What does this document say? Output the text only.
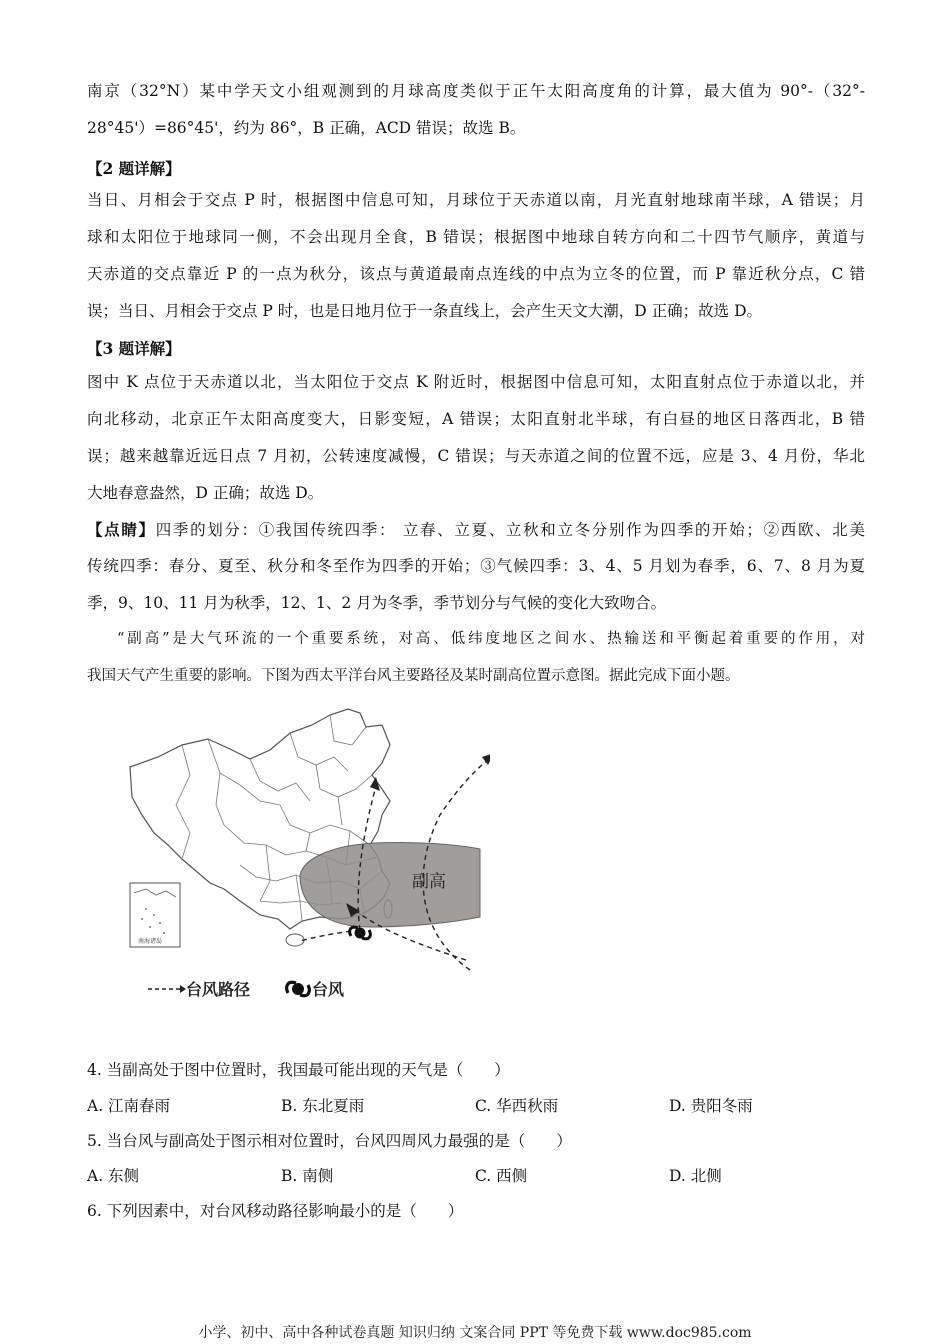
南京（32°N）某中学天文小组观测到的月球高度类似于正午太阳高度角的计算，最大值为 90°-（32°-
28°45'）=86°45'，约为 86°，B 正确，ACD 错误；故选 B。
【2 题详解】
当日、月相会于交点 P 时，根据图中信息可知，月球位于天赤道以南，月光直射地球南半球，A 错误；月
球和太阳位于地球同一侧，不会出现月全食，B 错误；根据图中地球自转方向和二十四节气顺序，黄道与
天赤道的交点靠近 P 的一点为秋分，该点与黄道最南点连线的中点为立冬的位置，而 P 靠近秋分点，C 错
误；当日、月相会于交点 P 时，也是日地月位于一条直线上，会产生天文大潮，D 正确；故选 D。
【3 题详解】
图中 K 点位于天赤道以北，当太阳位于交点 K 附近时，根据图中信息可知，太阳直射点位于赤道以北，并
向北移动，北京正午太阳高度变大，日影变短，A 错误；太阳直射北半球，有白昼的地区日落西北，B 错
误；越来越靠近远日点 7 月初，公转速度减慢，C 错误；与天赤道之间的位置不远，应是 3、4 月份，华北
大地春意盎然，D 正确；故选 D。
【点睛】四季的划分：①我国传统四季： 立春、立夏、立秋和立冬分别作为四季的开始；②西欧、北美
传统四季：春分、夏至、秋分和冬至作为四季的开始；③气候四季：3、4、5 月划为春季，6、7、8 月为夏
季，9、10、11 月为秋季，12、1、2 月为冬季，季节划分与气候的变化大致吻合。
“副高”是大气环流的一个重要系统，对高、低纬度地区之间水、热输送和平衡起着重要的作用，对
我国天气产生重要的影响。下图为西太平洋台风主要路径及某时副高位置示意图。据此完成下面小题。
副高
南海诸岛
台风路径	台风
4. 当副高处于图中位置时，我国最可能出现的天气是（　　）
A. 江南春雨	B. 东北夏雨	C. 华西秋雨	D. 贵阳冬雨
5. 当台风与副高处于图示相对位置时，台风四周风力最强的是（　　）
A. 东侧	B. 南侧	C. 西侧	D. 北侧
6. 下列因素中，对台风移动路径影响最小的是（　　）
小学、初中、高中各种试卷真题 知识归纳 文案合同 PPT 等免费下载 www.doc985.com
